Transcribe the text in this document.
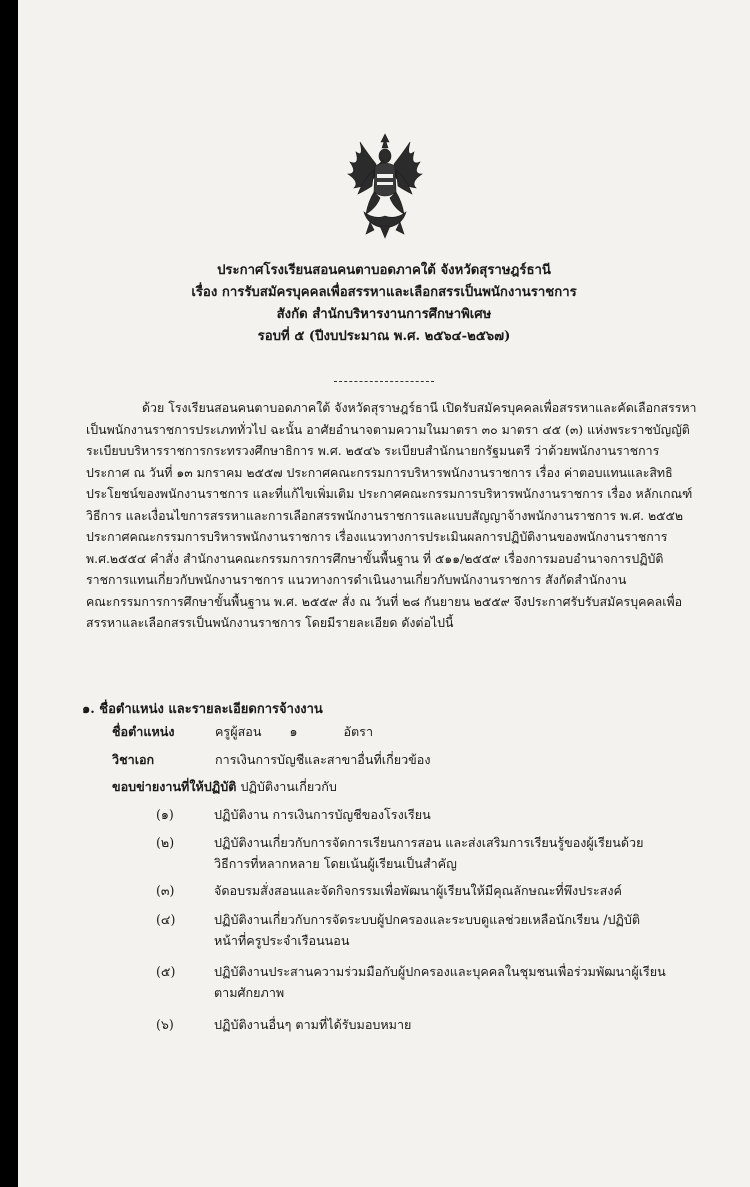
ประกาศโรงเรียนสอนคนตาบอดภาคใต้ จังหวัดสุราษฎร์ธานี
เรื่อง การรับสมัครบุคคลเพื่อสรรหาและเลือกสรรเป็นพนักงานราชการ
สังกัด สำนักบริหารงานการศึกษาพิเศษ
รอบที่ ๕ (ปีงบประมาณ พ.ศ. ๒๕๖๔-๒๕๖๗)
ด้วย โรงเรียนสอนคนตาบอดภาคใต้ จังหวัดสุราษฎร์ธานี เปิดรับสมัครบุคคลเพื่อสรรหาและคัดเลือกสรรหา
เป็นพนักงานราชการประเภททั่วไป ฉะนั้น อาศัยอำนาจตามความในมาตรา ๓๐ มาตรา ๔๕ (๓) แห่งพระราชบัญญัติ
ระเบียบบริหารราชการกระทรวงศึกษาธิการ พ.ศ. ๒๕๔๖ ระเบียบสำนักนายกรัฐมนตรี ว่าด้วยพนักงานราชการ
ประกาศ ณ วันที่ ๑๓ มกราคม ๒๕๕๗ ประกาศคณะกรรมการบริหารพนักงานราชการ เรื่อง ค่าตอบแทนและสิทธิ
ประโยชน์ของพนักงานราชการ และที่แก้ไขเพิ่มเติม ประกาศคณะกรรมการบริหารพนักงานราชการ เรื่อง หลักเกณฑ์
วิธีการ และเงื่อนไขการสรรหาและการเลือกสรรพนักงานราชการและแบบสัญญาจ้างพนักงานราชการ พ.ศ. ๒๕๕๒
ประกาศคณะกรรมการบริหารพนักงานราชการ เรื่องแนวทางการประเมินผลการปฏิบัติงานของพนักงานราชการ
พ.ศ.๒๕๕๔ คำสั่ง สำนักงานคณะกรรมการการศึกษาขั้นพื้นฐาน ที่ ๕๑๑/๒๕๕๙ เรื่องการมอบอำนาจการปฏิบัติ
ราชการแทนเกี่ยวกับพนักงานราชการ แนวทางการดำเนินงานเกี่ยวกับพนักงานราชการ สังกัดสำนักงาน
คณะกรรมการการศึกษาขั้นพื้นฐาน พ.ศ. ๒๕๕๙ สั่ง ณ วันที่ ๒๘ กันยายน ๒๕๕๙ จึงประกาศรับรับสมัครบุคคลเพื่อ
สรรหาและเลือกสรรเป็นพนักงานราชการ โดยมีรายละเอียด ดังต่อไปนี้
๑. ชื่อตำแหน่ง และรายละเอียดการจ้างงาน
ชื่อตำแหน่ง	ครูผู้สอน ๑	อัตรา
วิชาเอก	การเงินการบัญชีและสาขาอื่นที่เกี่ยวข้อง
ขอบข่ายงานที่ให้ปฏิบัติ ปฏิบัติงานเกี่ยวกับ
(๑)	ปฏิบัติงาน การเงินการบัญชีของโรงเรียน
(๒)	ปฏิบัติงานเกี่ยวกับการจัดการเรียนการสอน และส่งเสริมการเรียนรู้ของผู้เรียนด้วย
วิธีการที่หลากหลาย โดยเน้นผู้เรียนเป็นสำคัญ
(๓)	จัดอบรมสั่งสอนและจัดกิจกรรมเพื่อพัฒนาผู้เรียนให้มีคุณลักษณะที่พึงประสงค์
(๔)	ปฏิบัติงานเกี่ยวกับการจัดระบบผู้ปกครองและระบบดูแลช่วยเหลือนักเรียน /ปฏิบัติ
หน้าที่ครูประจำเรือนนอน
(๕)	ปฏิบัติงานประสานความร่วมมือกับผู้ปกครองและบุคคลในชุมชนเพื่อร่วมพัฒนาผู้เรียน
ตามศักยภาพ
(๖)	ปฏิบัติงานอื่นๆ ตามที่ได้รับมอบหมาย
